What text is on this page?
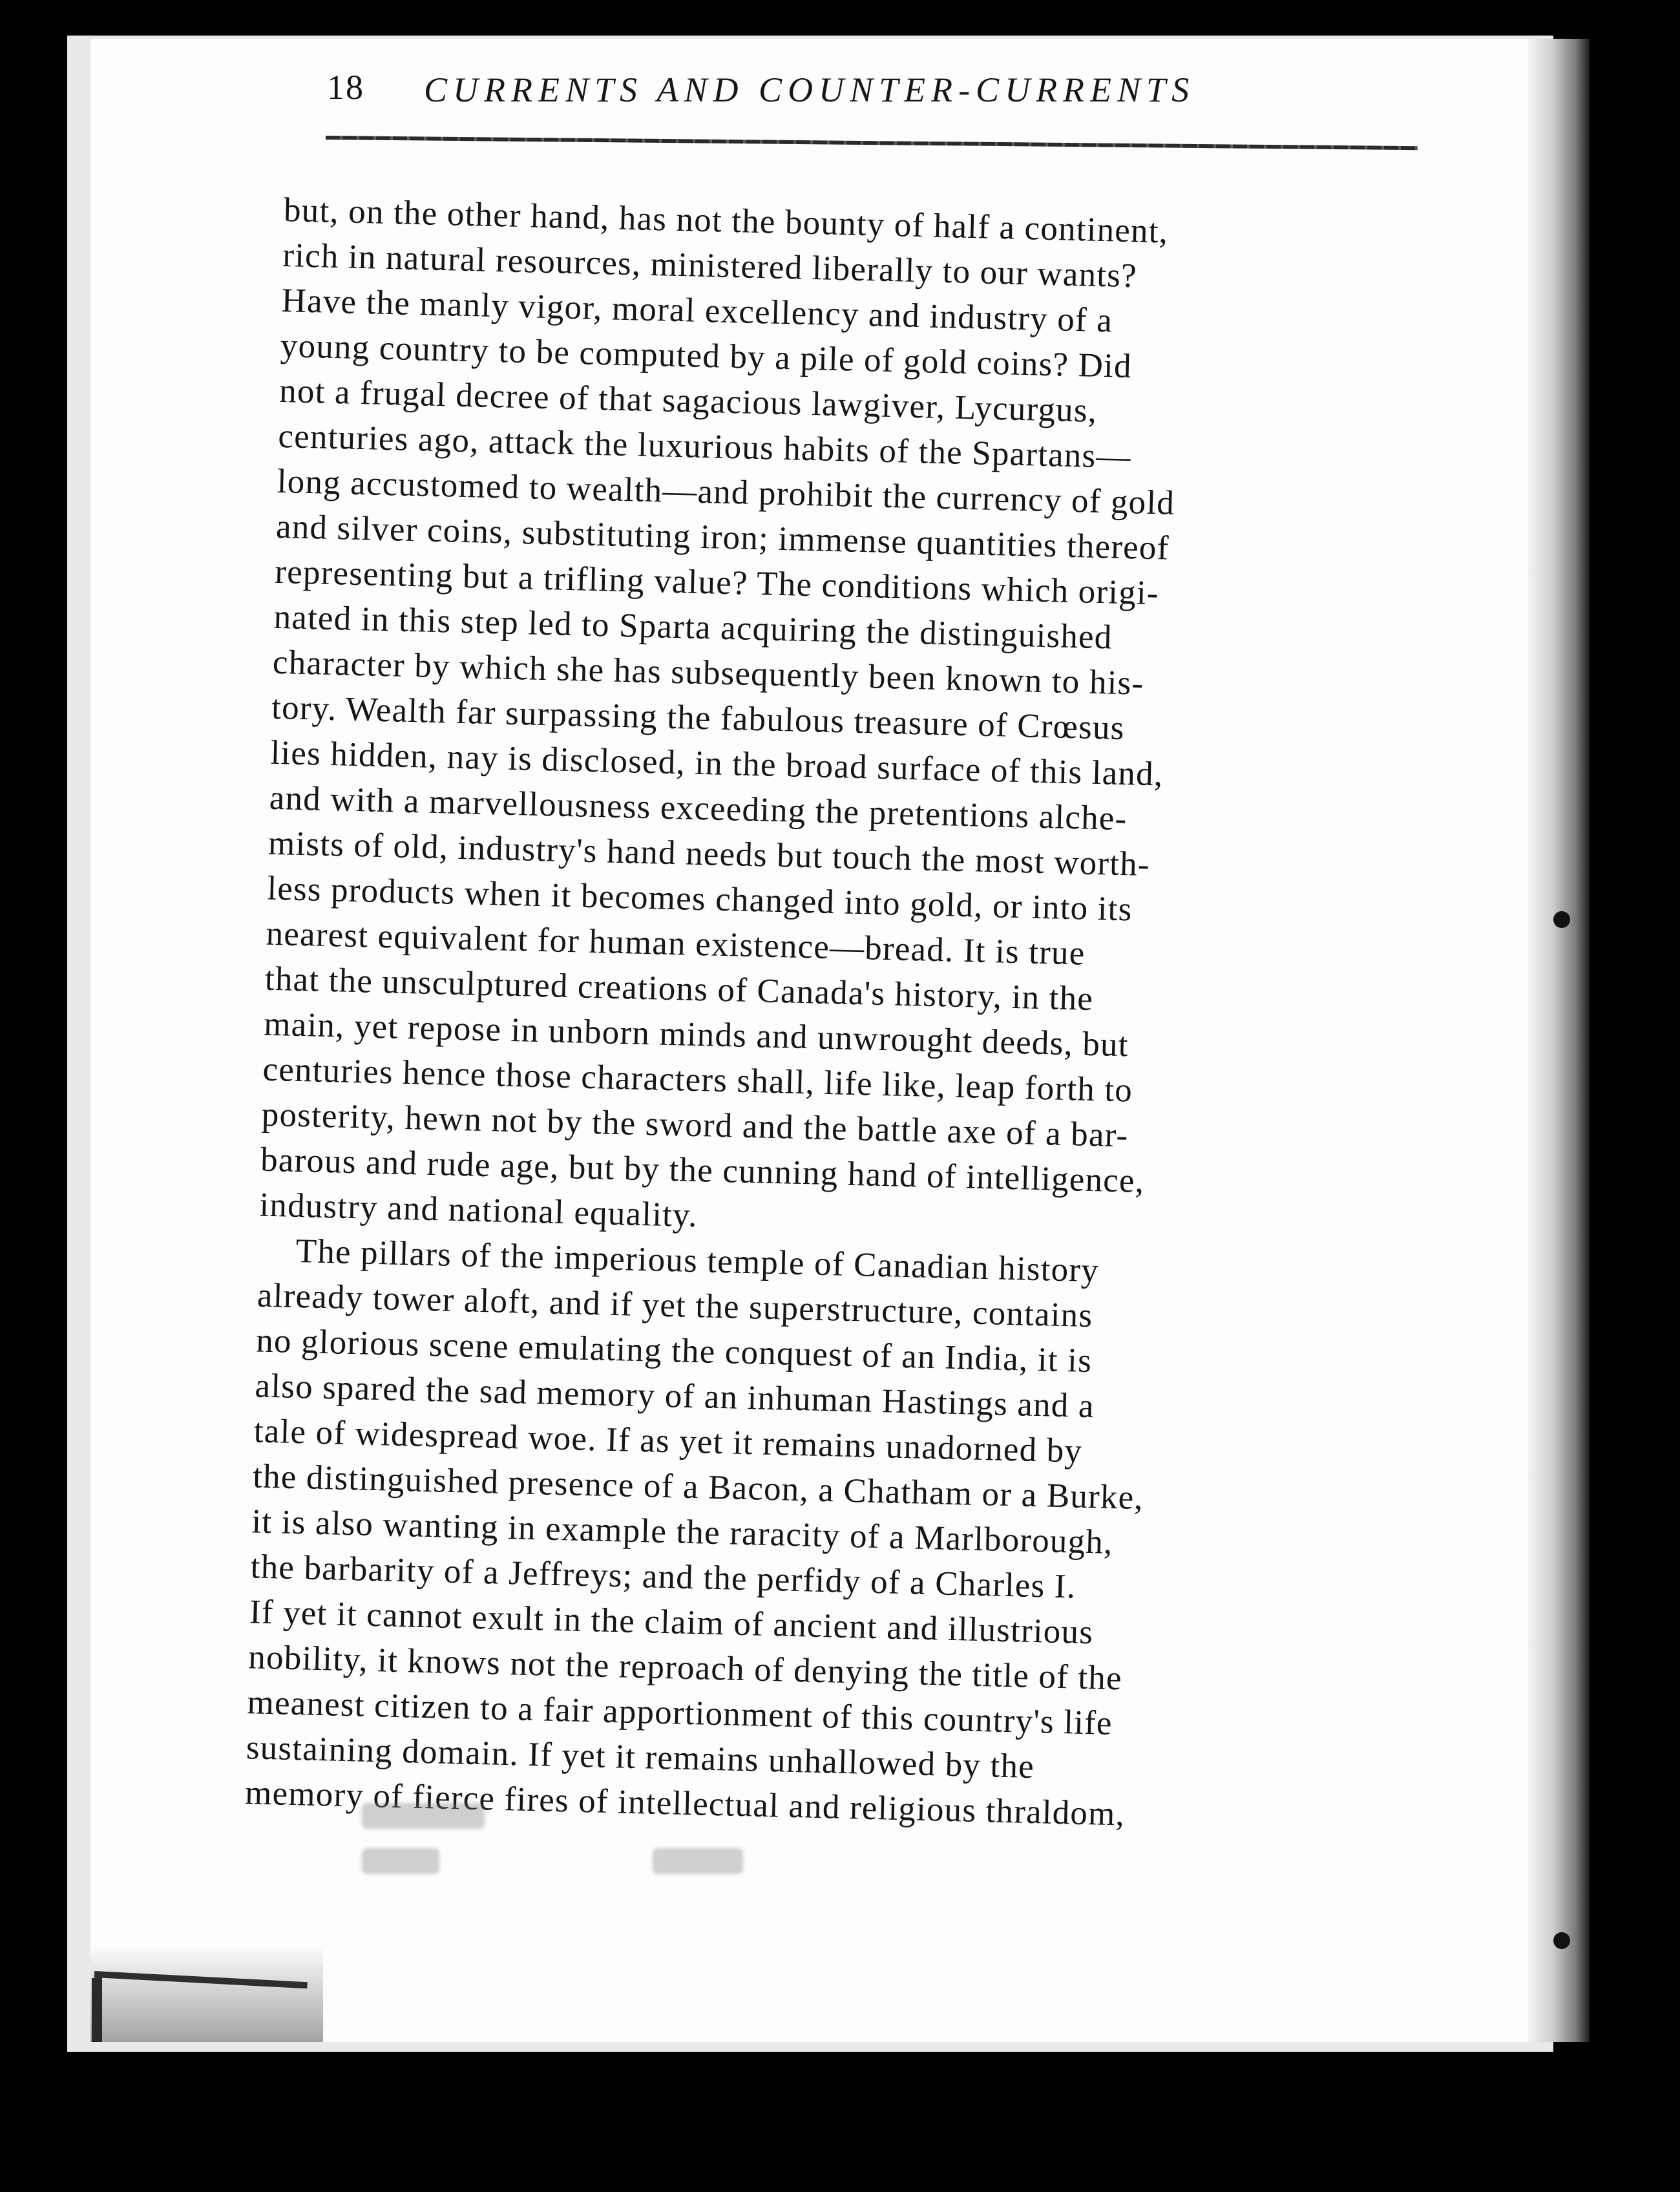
18 CURRENTS AND COUNTER-CURRENTS
but, on the other hand, has not the bounty of half a continent,
rich in natural resources, ministered liberally to our wants?
Have the manly vigor, moral excellency and industry of a
young country to be computed by a pile of gold coins? Did
not a frugal decree of that sagacious lawgiver, Lycurgus,
centuries ago, attack the luxurious habits of the Spartans—
long accustomed to wealth—and prohibit the currency of gold
and silver coins, substituting iron; immense quantities thereof
representing but a trifling value? The conditions which origi-
nated in this step led to Sparta acquiring the distinguished
character by which she has subsequently been known to his-
tory. Wealth far surpassing the fabulous treasure of Crœsus
lies hidden, nay is disclosed, in the broad surface of this land,
and with a marvellousness exceeding the pretentions alche-
mists of old, industry's hand needs but touch the most worth-
less products when it becomes changed into gold, or into its
nearest equivalent for human existence—bread. It is true
that the unsculptured creations of Canada's history, in the
main, yet repose in unborn minds and unwrought deeds, but
centuries hence those characters shall, life like, leap forth to
posterity, hewn not by the sword and the battle axe of a bar-
barous and rude age, but by the cunning hand of intelligence,
industry and national equality.
The pillars of the imperious temple of Canadian history
already tower aloft, and if yet the superstructure, contains
no glorious scene emulating the conquest of an India, it is
also spared the sad memory of an inhuman Hastings and a
tale of widespread woe. If as yet it remains unadorned by
the distinguished presence of a Bacon, a Chatham or a Burke,
it is also wanting in example the raracity of a Marlborough,
the barbarity of a Jeffreys; and the perfidy of a Charles I.
If yet it cannot exult in the claim of ancient and illustrious
nobility, it knows not the reproach of denying the title of the
meanest citizen to a fair apportionment of this country's life
sustaining domain. If yet it remains unhallowed by the
memory of fierce fires of intellectual and religious thraldom,
